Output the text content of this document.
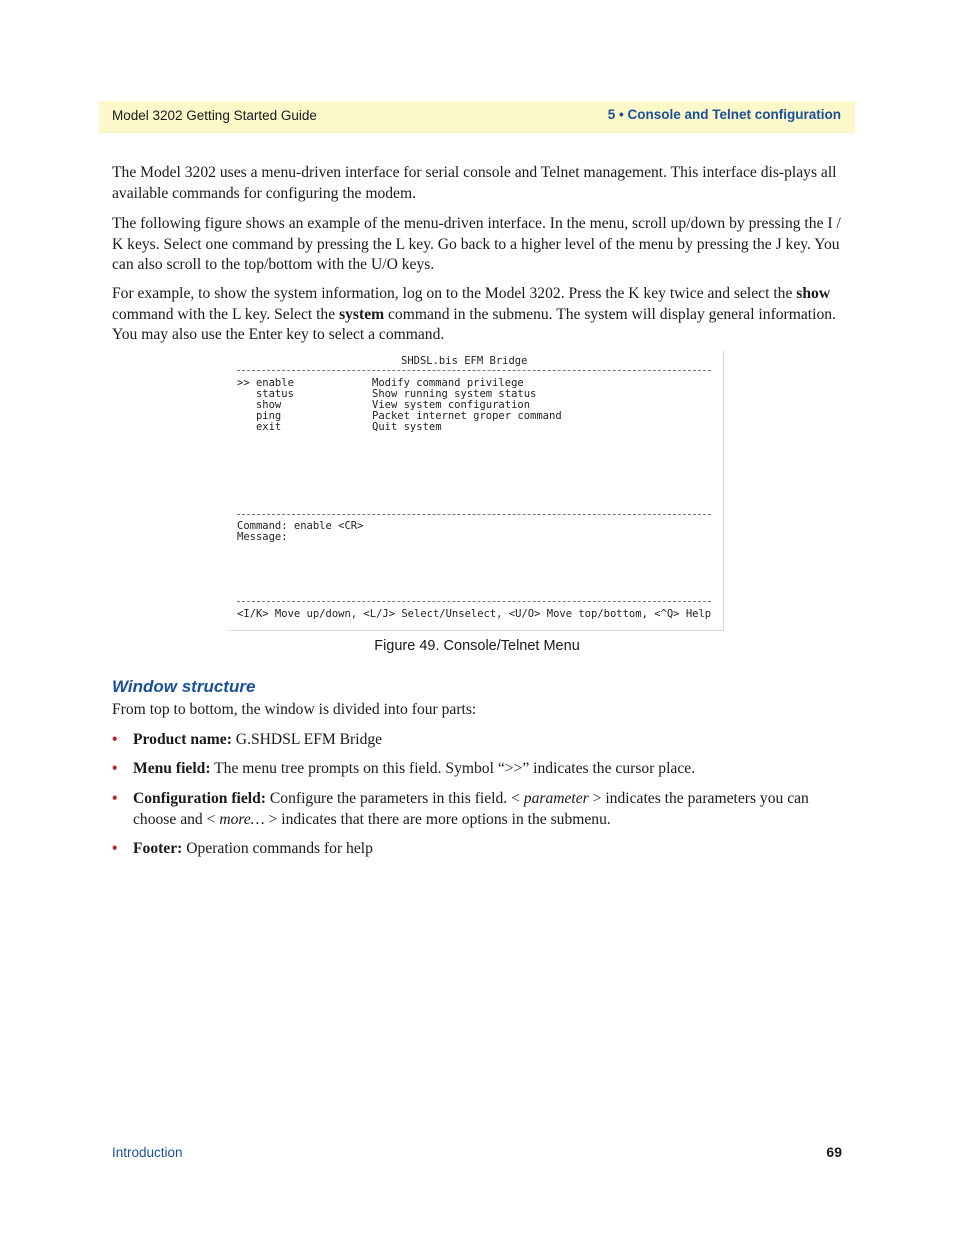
Model 3202 Getting Started Guide	5 • Console and Telnet configuration

The Model 3202 uses a menu-driven interface for serial console and Telnet management. This interface dis-plays all available commands for configuring the modem.

The following figure shows an example of the menu-driven interface. In the menu, scroll up/down by pressing the I / K keys. Select one command by pressing the L key. Go back to a higher level of the menu by pressing the J key. You can also scroll to the top/bottom with the U/O keys.

For example, to show the system information, log on to the Model 3202. Press the K key twice and select the show command with the L key. Select the system command in the submenu. The system will display general information. You may also use the Enter key to select a command.

SHDSL.bis EFM Bridge
>> enable	Modify command privilege
status	Show running system status
show	View system configuration
ping	Packet internet groper command
exit	Quit system
Command: enable <CR>
Message:
<I/K> Move up/down, <L/J> Select/Unselect, <U/O> Move top/bottom, <^Q> Help
Figure 49. Console/Telnet Menu
Window structure

From top to bottom, the window is divided into four parts:

• Product name: G.SHDSL EFM Bridge
• Menu field: The menu tree prompts on this field. Symbol “>>” indicates the cursor place.
• Configuration field: Configure the parameters in this field. < parameter > indicates the parameters you can choose and < more… > indicates that there are more options in the submenu.
• Footer: Operation commands for help
Introduction	69
